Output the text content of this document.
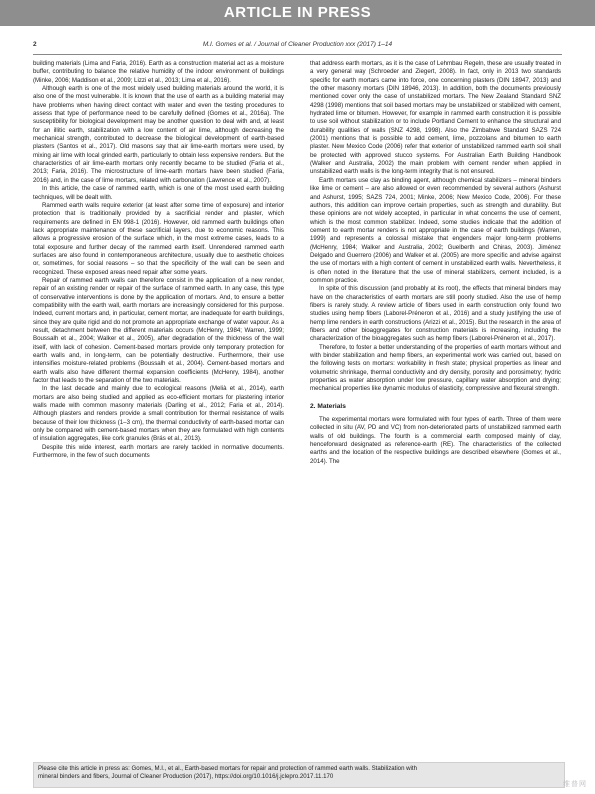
ARTICLE IN PRESS
2	M.I. Gomes et al. / Journal of Cleaner Production xxx (2017) 1–14

building materials (Lima and Faria, 2016). Earth as a construction material act as a moisture buffer, contributing to balance the relative humidity of the indoor environment of buildings (Minke, 2006; Maddison et al., 2009; Lizzi et al., 2013; Lima et al., 2016).

Although earth is one of the most widely used building materials around the world, it is also one of the most vulnerable. It is known that the use of earth as a building material may have problems when having direct contact with water and even the testing procedures to assess that type of performance need to be carefully defined (Gomes et al., 2016a). The susceptibility for biological development may be another question to deal with and, at least for an illitic earth, stabilization with a low content of air lime, although decreasing the mechanical strength, contributed to decrease the biological development of earth-based plasters (Santos et al., 2017). Old masons say that air lime-earth mortars were used, by mixing air lime with local grinded earth, particularly to obtain less expensive renders. But the characteristics of air lime-earth mortars only recently became to be studied (Faria et al., 2013; Faria, 2016). The microstructure of lime-earth mortars have been studied (Faria, 2016) and, in the case of lime mortars, related with carbonation (Lawrence et al., 2007).

In this article, the case of rammed earth, which is one of the most used earth building techniques, will be dealt with.

Rammed earth walls require exterior (at least after some time of exposure) and interior protection that is traditionally provided by a sacrificial render and plaster, which requirements are defined in EN 998-1 (2016). However, old rammed earth buildings often lack appropriate maintenance of these sacrificial layers, due to economic reasons. This allows a progressive erosion of the surface which, in the most extreme cases, leads to a total exposure and further decay of the rammed earth itself. Unrendered rammed earth surfaces are also found in contemporaneous architecture, usually due to aesthetic choices or, sometimes, for social reasons – so that the specificity of the wall can be seen and recognized. These exposed areas need repair after some years.

Repair of rammed earth walls can therefore consist in the application of a new render, repair of an existing render or repair of the surface of rammed earth. In any case, this type of conservative interventions is done by the application of mortars. And, to ensure a better compatibility with the earth wall, earth mortars are increasingly considered for this purpose. Indeed, current mortars and, in particular, cement mortar, are inadequate for earth buildings, since they are quite rigid and do not promote an appropriate exchange of water vapour. As a result, detachment between the different materials occurs (McHenry, 1984; Warren, 1999; Boussalh et al., 2004; Walker et al., 2005), after degradation of the thickness of the wall itself, with lack of cohesion. Cement-based mortars provide only temporary protection for earth walls and, in long-term, can be potentially destructive. Furthermore, their use intensifies moisture-related problems (Boussalh et al., 2004). Cement-based mortars and earth walls also have different thermal expansion coefficients (McHenry, 1984), another factor that leads to the separation of the two materials.

In the last decade and mainly due to ecological reasons (Melià et al., 2014), earth mortars are also being studied and applied as eco-efficient mortars for plastering interior walls made with common masonry materials (Darling et al., 2012; Faria et al., 2014). Although plasters and renders provide a small contribution for thermal resistance of walls because of their low thickness (1–3 cm), the thermal conductivity of earth-based mortar can only be compared with cement-based mortars when they are formulated with high contents of insulation aggregates, like cork granules (Brás et al., 2013).

Despite this wide interest, earth mortars are rarely tackled in normative documents. Furthermore, in the few of such documents

that address earth mortars, as it is the case of Lehmbau Regeln, these are usually treated in a very general way (Schroeder and Ziegert, 2008). In fact, only in 2013 two standards specific for earth mortars came into force, one concerning plasters (DIN 18947, 2013) and the other masonry mortars (DIN 18946, 2013). In addition, both the documents previously mentioned cover only the case of unstabilized mortars. The New Zealand Standard SNZ 4298 (1998) mentions that soil based mortars may be unstabilized or stabilized with cement, hydrated lime or bitumen. However, for example in rammed earth construction it is possible to use soil without stabilization or to include Portland Cement to enhance the structural and durability qualities of walls (SNZ 4298, 1998). Also the Zimbabwe Standard SAZS 724 (2001) mentions that is possible to add cement, lime, pozzolans and bitumen to earth plaster. New Mexico Code (2006) refer that exterior of unstabilized rammed earth soil shall be protected with approved stucco systems. For Australian Earth Building Handbook (Walker and Australia, 2002) the main problem with cement render when applied in unstabilized earth walls is the long-term integrity that is not ensured.

Earth mortars use clay as binding agent, although chemical stabilizers – mineral binders like lime or cement – are also allowed or even recommended by several authors (Ashurst and Ashurst, 1995; SAZS 724, 2001; Minke, 2006; New Mexico Code, 2006). For these authors, this addition can improve certain properties, such as strength and durability. But these opinions are not widely accepted, in particular in what concerns the use of cement, which is the most common stabilizer. Indeed, some studies indicate that the addition of cement to earth mortar renders is not appropriate in the case of earth buildings (Warren, 1999) and represents a colossal mistake that engenders major long-term problems (McHenry, 1984; Walker and Australia, 2002; Guelberth and Chiras, 2003). Jiménez Delgado and Guerrero (2006) and Walker et al. (2005) are more specific and advise against the use of mortars with a high content of cement in unstabilized earth walls. Nevertheless, it is often noted in the literature that the use of mineral stabilizers, cement included, is a common practice.

In spite of this discussion (and probably at its root), the effects that mineral binders may have on the characteristics of earth mortars are still poorly studied. Also the use of hemp fibers is rarely study. A review article of fibers used in earth construction only found two studies using hemp fibers (Laborel-Préneron et al., 2016) and a study justifying the use of hemp lime renders in earth constructions (Arizzi et al., 2015). But the research in the area of fibers and other bioaggregates for construction materials is increasing, including the characterization of the bioaggregates such as hemp fibers (Laborel-Préneron et al., 2017).

Therefore, to foster a better understanding of the properties of earth mortars without and with binder stabilization and hemp fibers, an experimental work was carried out, based on the following tests on mortars: workability in fresh state; physical properties as linear and volumetric shrinkage, thermal conductivity and dry density, porosity and porosimetry; hydric properties as water absorption under low pressure, capillary water absorption and drying; mechanical properties like dynamic modulus of elasticity, compressive and flexural strength.

2. Materials

The experimental mortars were formulated with four types of earth. Three of them were collected in situ (AV, PD and VC) from non-deteriorated parts of unstabilized rammed earth walls of old buildings. The fourth is a commercial earth composed mainly of clay, henceforward designated as reference-earth (RE). The characteristics of the collected earths and the location of the respective buildings are described elsewhere (Gomes et al., 2014). The

Please cite this article in press as: Gomes, M.I., et al., Earth-based mortars for repair and protection of rammed earth walls. Stabilization with
mineral binders and fibers, Journal of Cleaner Production (2017), https://doi.org/10.1016/j.jclepro.2017.11.170
维普网
